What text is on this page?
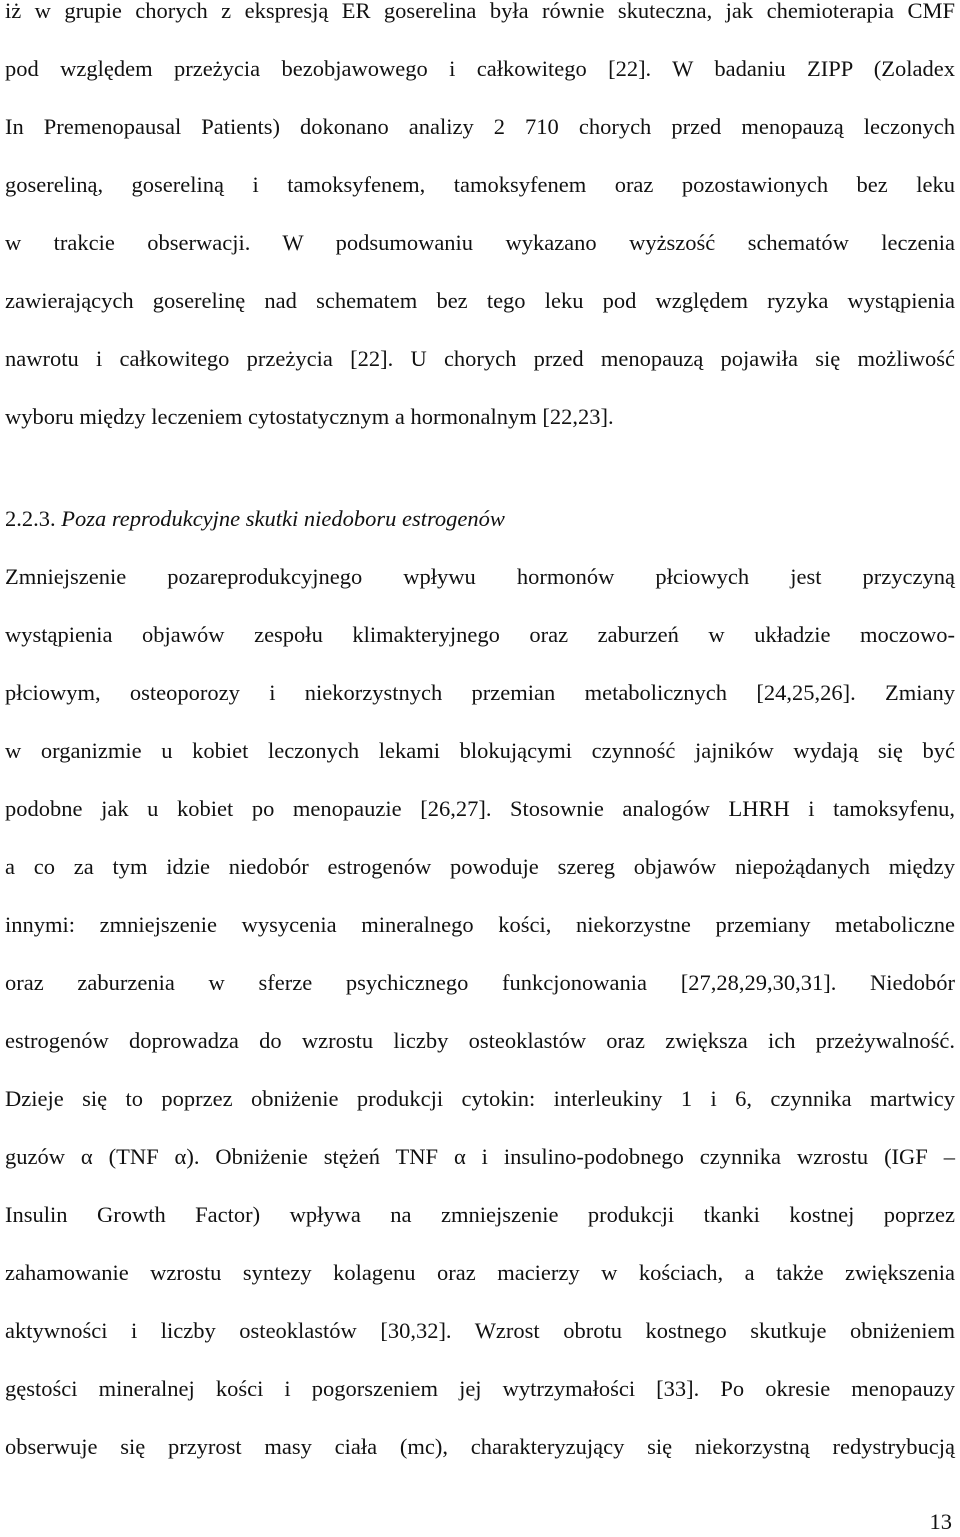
iż w grupie chorych z ekspresją ER goserelina była równie skuteczna, jak chemioterapia CMF
pod względem przeżycia bezobjawowego i całkowitego [22]. W badaniu ZIPP (Zoladex
In Premenopausal Patients) dokonano analizy 2 710 chorych przed menopauzą leczonych
gosereliną, gosereliną i tamoksyfenem, tamoksyfenem oraz pozostawionych bez leku
w trakcie obserwacji. W podsumowaniu wykazano wyższość schematów leczenia
zawierających goserelinę nad schematem bez tego leku pod względem ryzyka wystąpienia
nawrotu i całkowitego przeżycia [22]. U chorych przed menopauzą pojawiła się możliwość
wyboru między leczeniem cytostatycznym a hormonalnym [22,23].
2.2.3. Poza reprodukcyjne skutki niedoboru estrogenów
Zmniejszenie pozareprodukcyjnego wpływu hormonów płciowych jest przyczyną
wystąpienia objawów zespołu klimakteryjnego oraz zaburzeń w układzie moczowo-
płciowym, osteoporozy i niekorzystnych przemian metabolicznych [24,25,26]. Zmiany
w organizmie u kobiet leczonych lekami blokującymi czynność jajników wydają się być
podobne jak u kobiet po menopauzie [26,27]. Stosownie analogów LHRH i tamoksyfenu,
a co za tym idzie niedobór estrogenów powoduje szereg objawów niepożądanych między
innymi: zmniejszenie wysycenia mineralnego kości, niekorzystne przemiany metaboliczne
oraz zaburzenia w sferze psychicznego funkcjonowania [27,28,29,30,31]. Niedobór
estrogenów doprowadza do wzrostu liczby osteoklastów oraz zwiększa ich przeżywalność.
Dzieje się to poprzez obniżenie produkcji cytokin: interleukiny 1 i 6, czynnika martwicy
guzów α (TNF α). Obniżenie stężeń TNF α i insulino-podobnego czynnika wzrostu (IGF –
Insulin Growth Factor) wpływa na zmniejszenie produkcji tkanki kostnej poprzez
zahamowanie wzrostu syntezy kolagenu oraz macierzy w kościach, a także zwiększenia
aktywności i liczby osteoklastów [30,32]. Wzrost obrotu kostnego skutkuje obniżeniem
gęstości mineralnej kości i pogorszeniem jej wytrzymałości [33]. Po okresie menopauzy
obserwuje się przyrost masy ciała (mc), charakteryzujący się niekorzystną redystrybucją
13
